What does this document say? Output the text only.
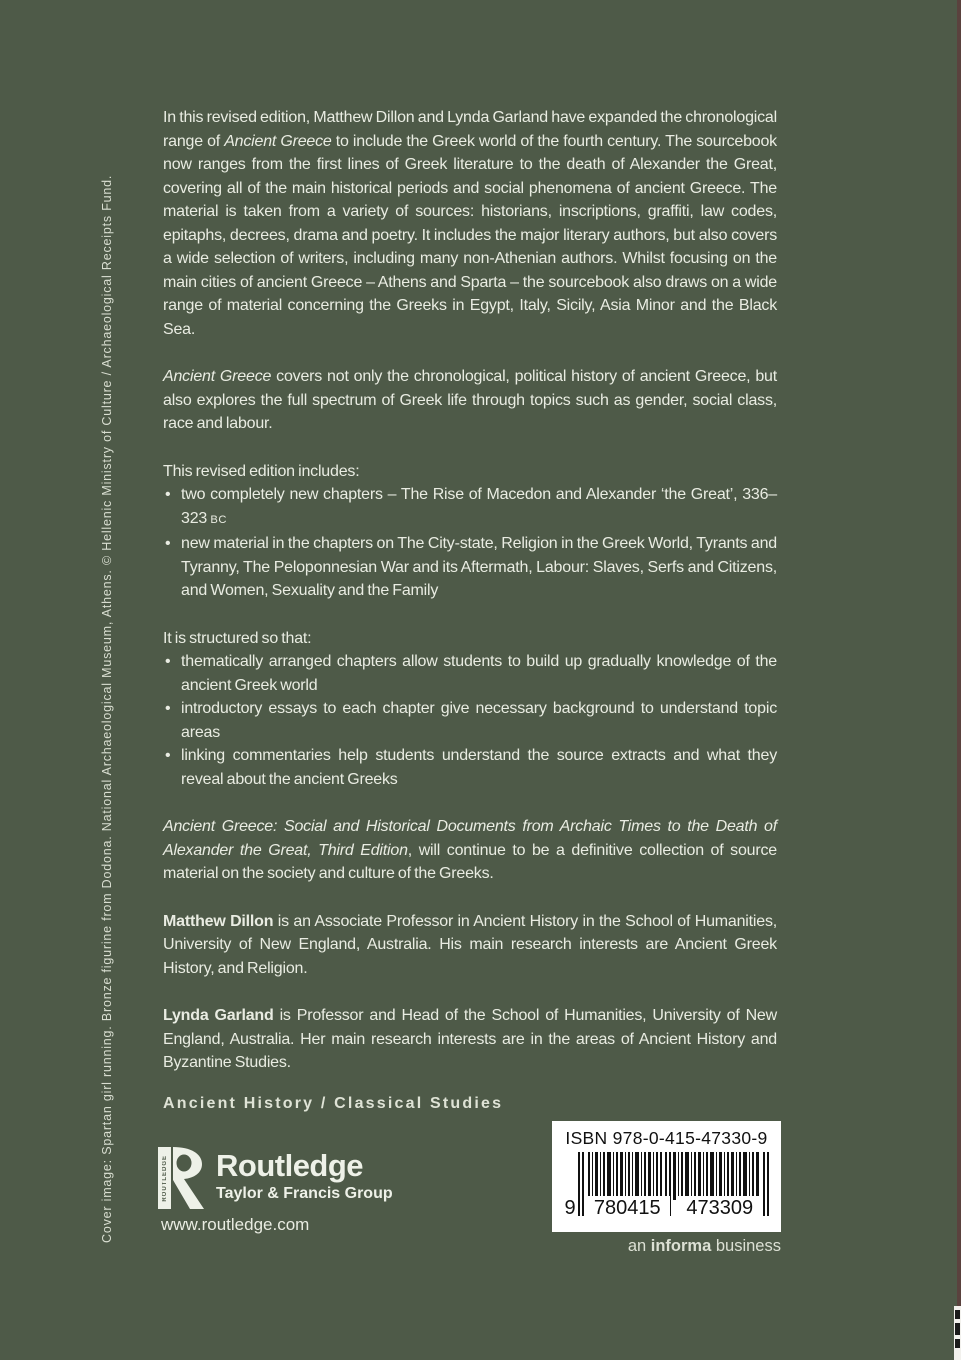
Cover image: Spartan girl running. Bronze figurine from Dodona. National Archaeological Museum, Athens. © Hellenic Ministry of Culture / Archaeological Receipts Fund.

In this revised edition, Matthew Dillon and Lynda Garland have expanded the chronological range of Ancient Greece to include the Greek world of the fourth century. The sourcebook now ranges from the first lines of Greek literature to the death of Alexander the Great, covering all of the main historical periods and social phenomena of ancient Greece. The material is taken from a variety of sources: historians, inscriptions, graffiti, law codes, epitaphs, decrees, drama and poetry. It includes the major literary authors, but also covers a wide selection of writers, including many non-Athenian authors. Whilst focusing on the main cities of ancient Greece – Athens and Sparta – the sourcebook also draws on a wide range of material concerning the Greeks in Egypt, Italy, Sicily, Asia Minor and the Black Sea.

Ancient Greece covers not only the chronological, political history of ancient Greece, but also explores the full spectrum of Greek life through topics such as gender, social class, race and labour.

This revised edition includes:
• two completely new chapters – The Rise of Macedon and Alexander ‘the Great’, 336–323 BC
• new material in the chapters on The City-state, Religion in the Greek World, Tyrants and Tyranny, The Peloponnesian War and its Aftermath, Labour: Slaves, Serfs and Citizens, and Women, Sexuality and the Family
It is structured so that:
• thematically arranged chapters allow students to build up gradually knowledge of the ancient Greek world
• introductory essays to each chapter give necessary background to understand topic areas
• linking commentaries help students understand the source extracts and what they reveal about the ancient Greeks

Ancient Greece: Social and Historical Documents from Archaic Times to the Death of Alexander the Great, Third Edition, will continue to be a definitive collection of source material on the society and culture of the Greeks.

Matthew Dillon is an Associate Professor in Ancient History in the School of Humanities, University of New England, Australia. His main research interests are Ancient Greek History, and Religion.

Lynda Garland is Professor and Head of the School of Humanities, University of New England, Australia. Her main research interests are in the areas of Ancient History and Byzantine Studies.

Ancient History / Classical Studies
ROUTLEDGE Routledge
Taylor & Francis Group
www.routledge.com
ISBN 978-0-415-47330-9
9 780415	473309
an informa business
